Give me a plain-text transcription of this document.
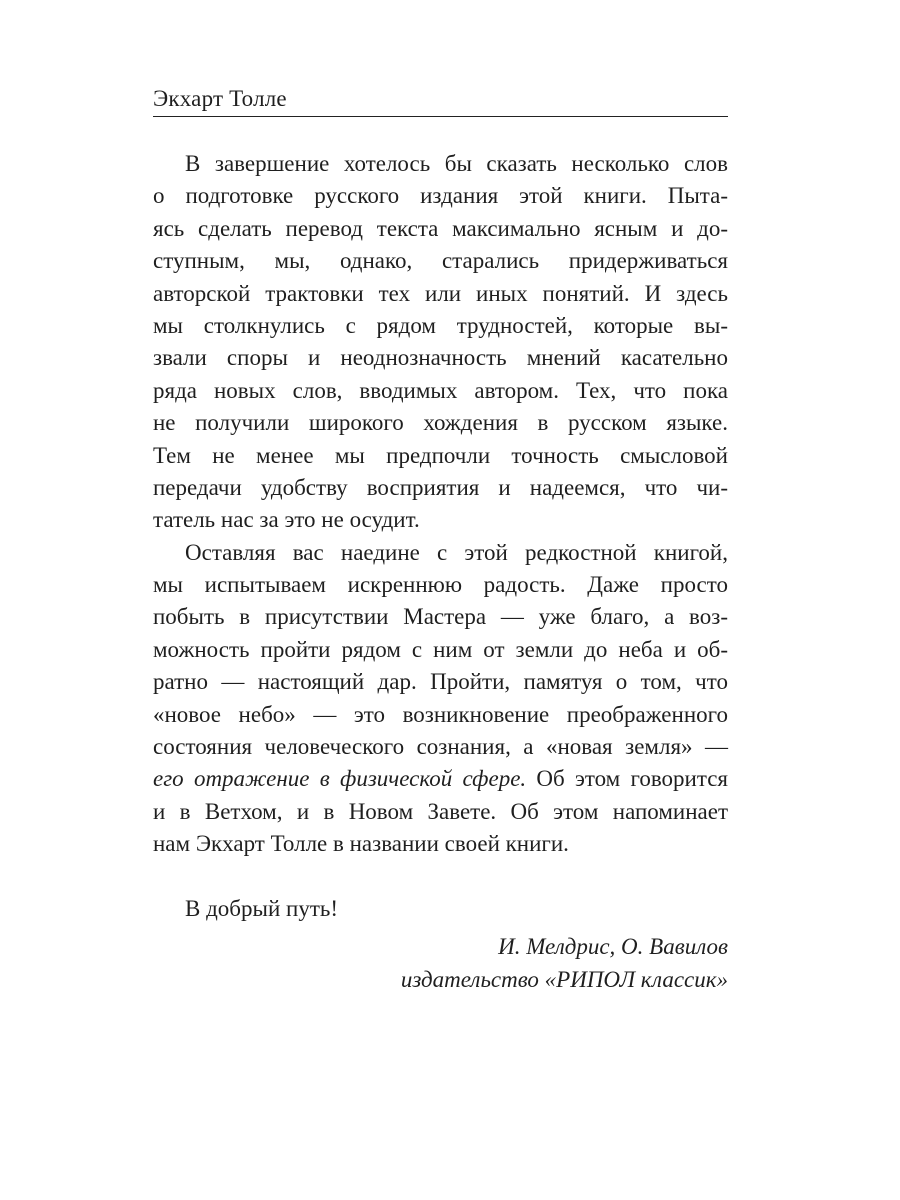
Экхарт Толле
В завершение хотелось бы сказать несколько слов
о подготовке русского издания этой книги. Пыта-
ясь сделать перевод текста максимально ясным и до-
ступным, мы, однако, старались придерживаться
авторской трактовки тех или иных понятий. И здесь
мы столкнулись с рядом трудностей, которые вы-
звали споры и неоднозначность мнений касательно
ряда новых слов, вводимых автором. Тех, что пока
не получили широкого хождения в русском языке.
Тем не менее мы предпочли точность смысловой
передачи удобству восприятия и надеемся, что чи-
татель нас за это не осудит.
Оставляя вас наедине с этой редкостной книгой,
мы испытываем искреннюю радость. Даже просто
побыть в присутствии Мастера — уже благо, а воз-
можность пройти рядом с ним от земли до неба и об-
ратно — настоящий дар. Пройти, памятуя о том, что
«новое небо» — это возникновение преображенного
состояния человеческого сознания, а «новая земля» —
его отражение в физической сфере. Об этом говорится
и в Ветхом, и в Новом Завете. Об этом напоминает
нам Экхарт Толле в названии своей книги.
В добрый путь!
И. Мелдрис, О. Вавилов
издательство «РИПОЛ классик»
